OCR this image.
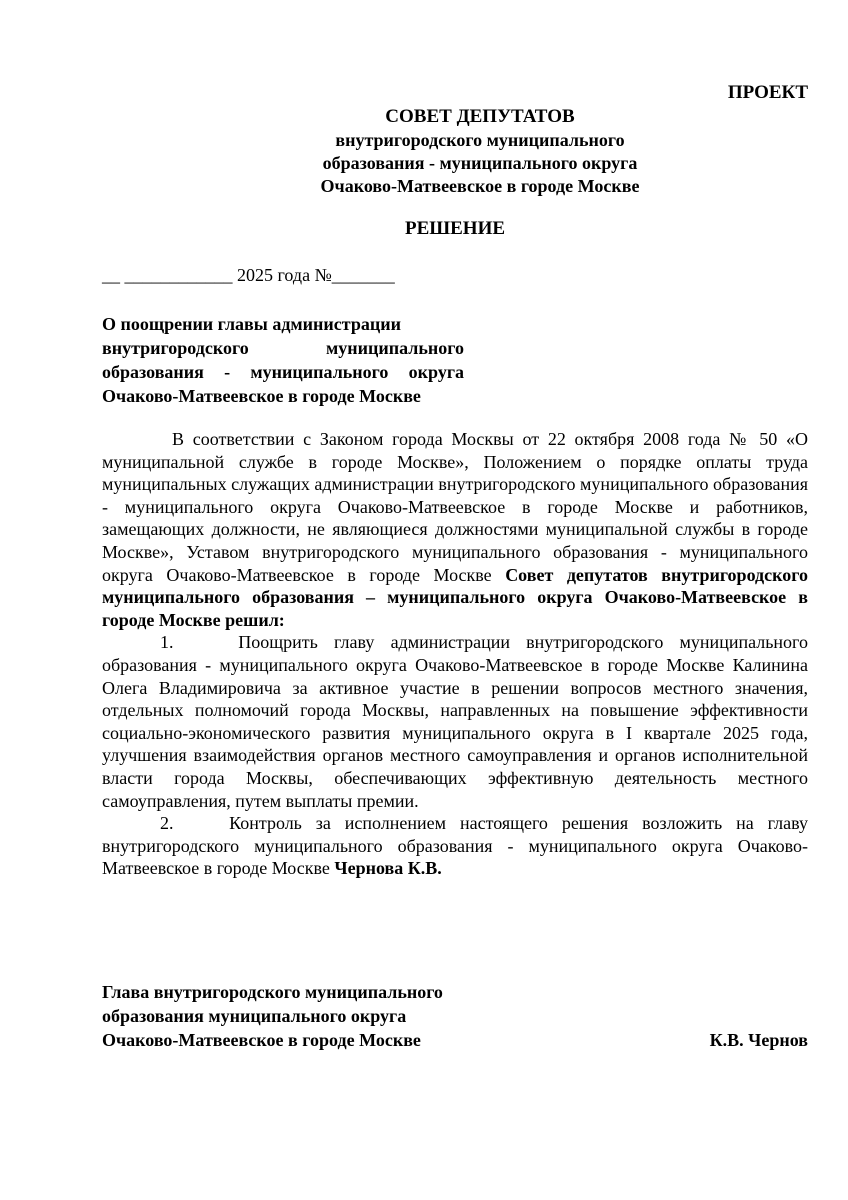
ПРОЕКТ
СОВЕТ ДЕПУТАТОВ
внутригородского муниципального
образования - муниципального округа
Очаково-Матвеевское в городе Москве
РЕШЕНИЕ
__ ____________ 2025 года №_______
О поощрении главы администрации
внутригородского муниципального
образования - муниципального округа
Очаково-Матвеевское в городе Москве

В соответствии с Законом города Москвы от 22 октября 2008 года № 50 «О муниципальной службе в городе Москве», Положением о порядке оплаты труда муниципальных служащих администрации внутригородского муниципального образования - муниципального округа Очаково-Матвеевское в городе Москве и работников, замещающих должности, не являющиеся должностями муниципальной службы в городе Москве», Уставом внутригородского муниципального образования - муниципального округа Очаково-Матвеевское в городе Москве Совет депутатов внутригородского муниципального образования – муниципального округа Очаково-Матвеевское в городе Москве решил:

1.	Поощрить главу администрации внутригородского муниципального образования - муниципального округа Очаково-Матвеевское в городе Москве Калинина Олега Владимировича за активное участие в решении вопросов местного значения, отдельных полномочий города Москвы, направленных на повышение эффективности социально-экономического развития муниципального округа в I квартале 2025 года, улучшения взаимодействия органов местного самоуправления и органов исполнительной власти города Москвы, обеспечивающих эффективную деятельность местного самоуправления, путем выплаты премии.

2.	Контроль за исполнением настоящего решения возложить на главу внутригородского муниципального образования - муниципального округа Очаково-Матвеевское в городе Москве Чернова К.В.

Глава внутригородского муниципального
образования муниципального округа
Очаково-Матвеевское в городе Москве	К.В. Чернов
